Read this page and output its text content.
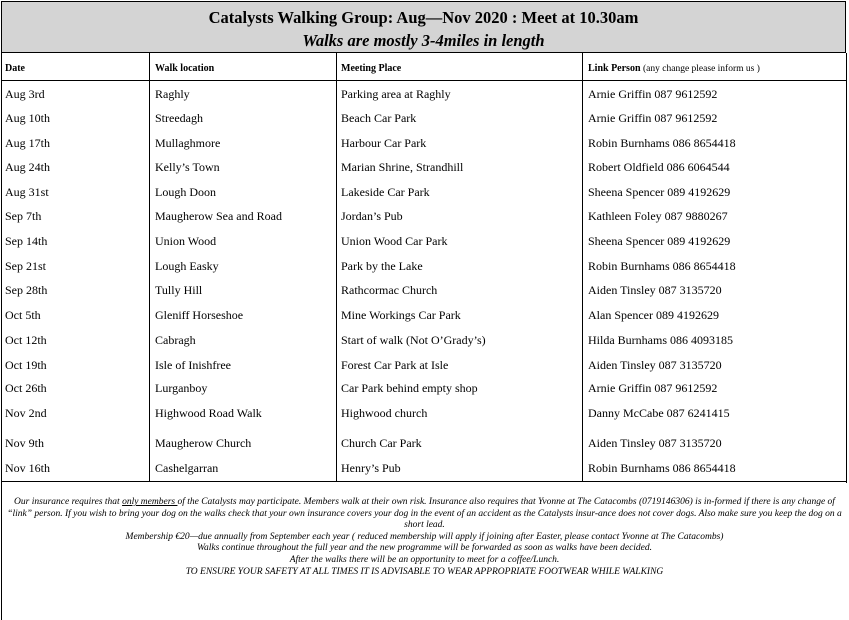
Catalysts Walking Group: Aug—Nov 2020 : Meet at 10.30am
Walks are mostly 3-4miles in length
Date	Walk location	Meeting Place	Link Person (any change please inform us )
Aug 3rd	Raghly	Parking area at Raghly	Arnie Griffin 087 9612592
Aug 10th	Streedagh	Beach Car Park	Arnie Griffin 087 9612592
Aug 17th	Mullaghmore	Harbour Car Park	Robin Burnhams 086 8654418
Aug 24th	Kelly’s Town	Marian Shrine, Strandhill	Robert Oldfield 086 6064544
Aug 31st	Lough Doon	Lakeside Car Park	Sheena Spencer 089 4192629
Sep 7th	Maugherow Sea and Road	Jordan’s Pub	Kathleen Foley 087 9880267
Sep 14th	Union Wood	Union Wood Car Park	Sheena Spencer 089 4192629
Sep 21st	Lough Easky	Park by the Lake	Robin Burnhams 086 8654418
Sep 28th	Tully Hill	Rathcormac Church	Aiden Tinsley 087 3135720
Oct 5th	Gleniff Horseshoe	Mine Workings Car Park	Alan Spencer 089 4192629
Oct 12th	Cabragh	Start of walk (Not O’Grady’s)	Hilda Burnhams 086 4093185
Oct 19th	Isle of Inishfree	Forest Car Park at Isle	Aiden Tinsley 087 3135720
Oct 26th	Lurganboy	Car Park behind empty shop	Arnie Griffin 087 9612592
Nov 2nd	Highwood Road Walk	Highwood church	Danny McCabe 087 6241415
Nov 9th	Maugherow Church	Church Car Park	Aiden Tinsley 087 3135720
Nov 16th	Cashelgarran	Henry’s Pub	Robin Burnhams 086 8654418

Our insurance requires that only members of the Catalysts may participate. Members walk at their own risk. Insurance also requires that Yvonne at The Catacombs (0719146306) is in-formed if there is any change of “link” person. If you wish to bring your dog on the walks check that your own insurance covers your dog in the event of an accident as the Catalysts insur-ance does not cover dogs. Also make sure you keep the dog on a short lead.

Membership €20—due annually from September each year ( reduced membership will apply if joining after Easter, please contact Yvonne at The Catacombs)

Walks continue throughout the full year and the new programme will be forwarded as soon as walks have been decided.

After the walks there will be an opportunity to meet for a coffee/Lunch.

TO ENSURE YOUR SAFETY AT ALL TIMES IT IS ADVISABLE TO WEAR APPROPRIATE FOOTWEAR WHILE WALKING
